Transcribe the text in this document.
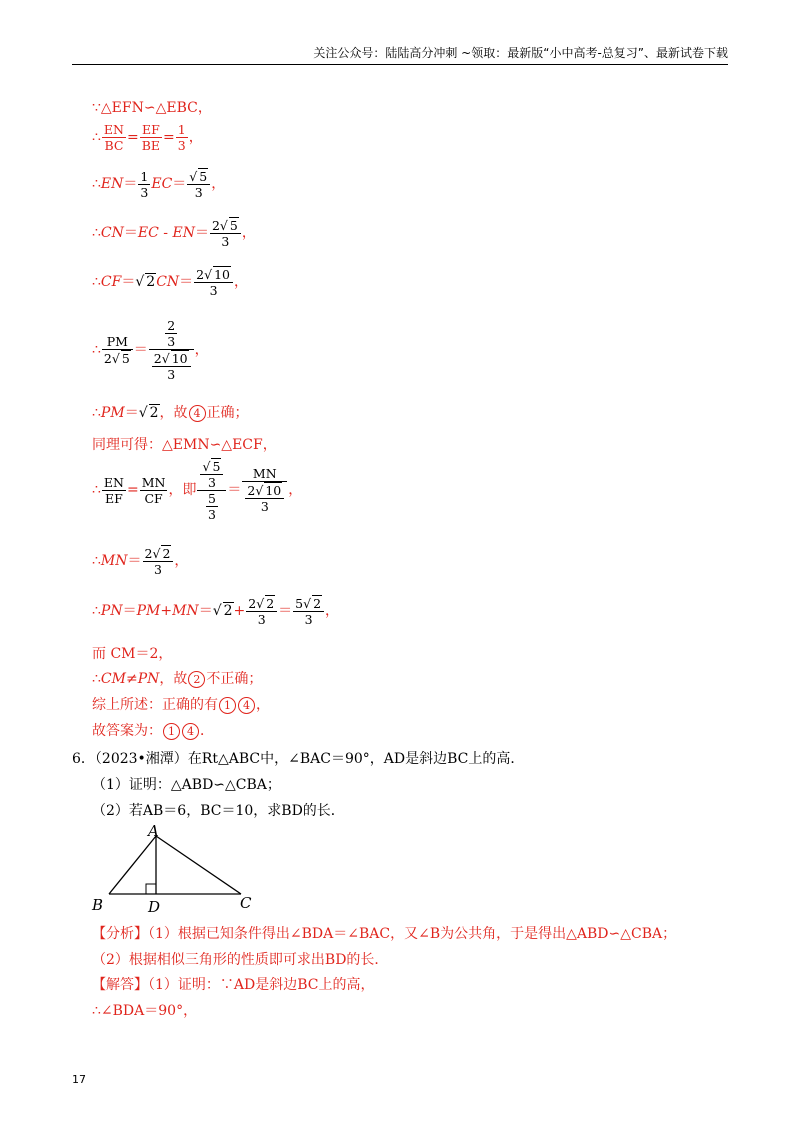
关注公众号：陆陆高分冲刺 ~领取：最新版“小中高考-总复习”、最新试卷下载
∵△EFN∽△EBC，
∴ $\frac{EN}{BC} = \frac{EF}{BE} = \frac{1}{3}$ ，
∴EN＝ $\frac{1}{3} EC= \frac{√ 5}{3}$ ，
∴CN＝EC - $EN= \frac{2√ 5}{3}$ ，
∴CF＝√ $2CN= \frac{2√ 10}{3}$ ，
∴ $\frac{PM}{2√ 5} = \frac{\frac{2}{3}}{\frac{2√ 10}{3}}$ ，
∴PM＝√ 2，故 4 正确；
同理可得：△EMN∽△ECF，
∴ $\frac{EN}{EF} = \frac{MN}{CF}$ ，即 $\frac{\frac{√ 5}{3}}{\frac{5}{3}} = \frac{MN}{\frac{2√ 10}{3}}$ ，
∴MN＝ $\frac{2√ 2}{3}$ ，
∴PN＝PM+MN＝√ $2+ \frac{2√ 2}{3} = \frac{5√ 2}{3}$ ，
而 CM＝2，
∴CM≠PN，故 2 不正确；
综上所述：正确的有 1 4 ，
故答案为： 1 4 ．
6．（2023•湘潭）在Rt△ABC中，∠BAC＝90°，AD是斜边BC上的高．
（1）证明：△ABD∽△CBA；
（2）若AB＝6，BC＝10，求BD的长．
A
B	D	C
【分析】（1）根据已知条件得出∠BDA＝∠BAC，又∠B为公共角，于是得出△ABD∽△CBA；
（2）根据相似三角形的性质即可求出BD的长．
【解答】（1）证明：∵AD是斜边BC上的高，
∴∠BDA＝90°，
17
